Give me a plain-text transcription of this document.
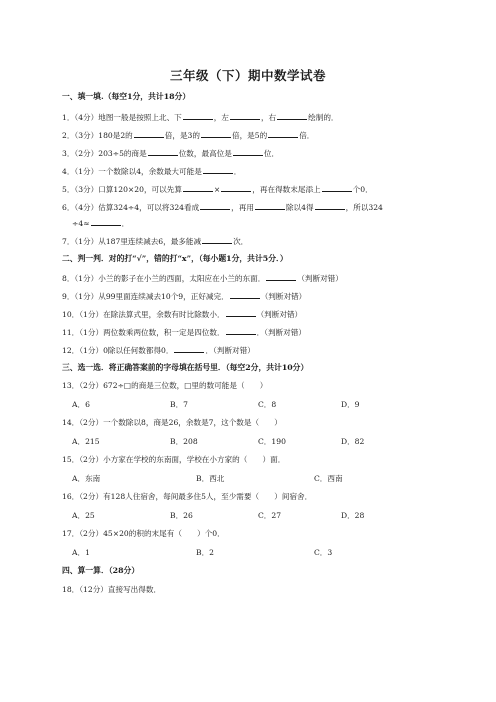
三年级（下）期中数学试卷
一、填一填.（每空1分，共计18分）
1．（4分）地图一般是按照上北、下	，左	，右	绘制的．
2．（3分）180是2的	倍，是3的	倍，是5的	倍．
3．（2分）203÷5的商是	位数，最高位是	位．
4．（1分）一个数除以4，余数最大可能是	．
5．（3分）口算120×20，可以先算	×	，再在得数末尾添上	个0．
6．（4分）估算324÷4，可以将324看成	，再用	除以4得	，所以324
÷4≈	．
7．（1分）从187里连续减去6，最多能减	次．
二、判一判．对的打“√”，错的打“x”，（每小题1分，共计5分．）
8．（1分）小兰的影子在小兰的西面，太阳应在小兰的东面．	（判断对错）
9．（1分）从99里面连续减去10个9，正好减完．	（判断对错）
10．（1分）在除法算式里，余数有时比除数小．	（判断对错）
11．（1分）两位数乘两位数，积一定是四位数．	．（判断对错）
12．（1分）0除以任何数都得0．	．（判断对错）
三、选一选．将正确答案前的字母填在括号里．（每空2分，共计10分）
13．（2分）672÷□的商是三位数，□里的数可能是（　　）
A．6	B．7	C．8	D．9
14．（2分）一个数除以8，商是26，余数是7，这个数是（　　）
A．215	B．208	C．190	D．82
15．（2分）小方家在学校的东南面，学校在小方家的（　　）面．
A．东南	B．西北	C．西南
16．（2分）有128人住宿舍，每间最多住5人，至少需要（　　）间宿舍．
A．25	B．26	C．27	D．28
17．（2分）45×20的积的末尾有（　　）个0．
A．1	B．2	C．3
四、算一算．（28分）
18．（12分）直接写出得数．
